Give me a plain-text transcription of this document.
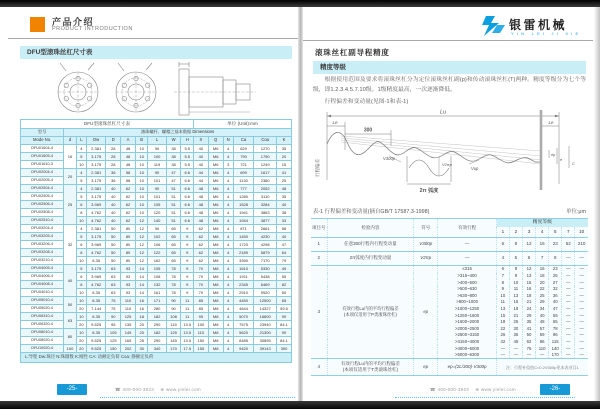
产品介绍
PRODUCT INTRODUCTION
DFU型滚珠丝杠尺寸表
DFU型滚珠丝杠尺寸表										单位 (Unit):mm					
型号	滚珠螺杆、螺帽之基本数据 Dimensions														
Mode No.	d	L	Dw	D	A	B	L	W	H	X	Q	N	Ca	Coa	K
DFU01604-4	16	4	2.381	28	48	10	90	38	5.5	40	M6	4	629	1270	35
DFU01605-4		5	3.175	28	48	10	100	38	5.5	40	M6	4	790	1790	20
DFU01610-3		10	3.175	28	48	10	119	38	5.5	40	M6	3	721	1249	15
DFU02004-4	20	4	2.381	36	58	10	90	47	6.6	44	M6	4	699	1617	41
DFU02005-4		5	3.175	36	58	10	101	47	6.6	44	M6	4	1130	2380	25
DFU02504-4	25	4	2.381	40	62	10	90	51	6.6	48	M6	4	777	2052	48
DFU02505-4		5	3.175	40	62	10	101	51	6.6	48	M6	4	1280	3110	35
DFU02506-4		6	3.969	40	62	10	105	51	6.6	48	M6	4	1528	3284	40
DFU02508-4		8	4.762	40	62	10	120	51	6.6	48	M6	4	1941	3863	38
DFU02510-4		10	4.762	40	62	12	140	51	6.6	48	M6	4	1944	3877	33
DFU03204-4	32	4	2.381	50	80	12	90	65	9	62	M8	4	871	2661	56
DFU03205-4		5	3.175	50	80	12	102	65	9	62	M8	4	1450	4230	40
DFU03206-4		6	3.969	50	80	12	106	65	9	62	M8	4	1720	4298	47
DFU03208-4		8	4.762	50	80	12	122	65	9	62	M8	4	2189	5879	64
DFU03210-4		10	6.35	50	80	12	162	65	9	62	M8	4	3390	7170	79
DFU04005-4	40	5	3.175	63	93	14	105	78	9	70	M8	4	1610	5330	49
DFU04006-4		6	3.969	63	93	14	108	78	9	70	M8	4	1911	5438	55
DFU04008-4		8	4.762	63	93	14	132	78	9	70	M8	4	2345	6469	82
DFU04010-4		10	6.35	63	93	14	161	78	9	70	M8	4	2910	9520	50
DFU05010-4	50	10	6.35	75	110	16	171	90	11	85	M8	4	4450	12500	65
DFU05020-4		20	7.144	75	110	16	280	90	11	85	M8	4	4644	14327	59.5
DFU06310-4	63	10	6.35	90	125	18	182	108	11	95	M8	4	5070	16600	90
DFU06320-4		20	9.525	95	135	20	290	115	13.5	100	M8	4	7575	23940	84.1
DFU08010-4	80	10	6.35	105	145	20	182	125	13.5	110	M8	4	5620	21300	90
DFU08020-4		20	9.525	125	165	25	290	145	13.5	150	M8	4	8485	30895	84.1
DFU10020-4	100	20	9.525	150	202	30	340	170	17.5	155	M8	4	9420	39143	300
L:导程 Dw:珠径 N:珠圈数 K:刚性 CA: 动额定负荷 Coa: 静额定负荷															
-25-	☎ 400-000-3923 ⊕ www.yinlei.com
银雷机械
YIN LEI JI XIE
滚珠丝杠副导程精度
精度等级
根据使用范围及要求将滚珠丝杠分为定位滚珠丝杠副(p)和传动滚珠丝杠(T)两种。精度等级分为七个等级，即1.2.3.4.5.7.10级。1级精度最高，一次逐渐降低。
行程偏差和变动量(见图-1和表-1)
Lu
Le	Le
300
行程偏差
V300p
Vup
V2πp
2π 弧度
ep
e
C
单位:μm
表-1 行程偏差和变动量(摘自GB/T 17587.3-1998)
项目号	检验内容	符号	有效行程	精度等级						
				1	2	3	4	5	7	10
1	任意300行程内行程变动量	V300p	—	6	8	12	16	23	52	210
2	2π弧度内行程变动量	V2πp	—	4	5	6	7	8	—	—
3	有效行程Lu内的平均行程偏差
(本项仅适用于P类滚珠丝杠)	ep	≤315	6	8	12	16	23	—	—
			>315~400	7	9	13	18	25	—	—
			>400~500	8	10	15	20	27	—	—
			>500~630	9	11	16	22	32	—	—
			>630~800	10	13	18	25	36	—	—
			>800~1000	11	15	21	29	40	—	—
			>1000~1250	13	18	24	34	47	—	—
			>1250~1600	15	21	29	40	55	—	—
			>1600~2000	18	25	35	48	65	—	—
			>2000~2500	22	30	41	57	78	—	—
			>2500~3150	26	36	50	69	96	—	—
			>3150~4000	32	45	62	86	115	—	—
			>4000~5000	—	—	76	110	140	—	—
			>5000~6300	—	—	—	—	170	—	—
4	有效行程Lu内的平均行程偏差
(本项仅适用于T类滚珠丝杠)	ep	ep=(2L/300)·V300p	注：行程补偿值C=0 2V300p见本表项目1						
☎ 400-000-3923 ⊕ www.yinlei.com	-26-
